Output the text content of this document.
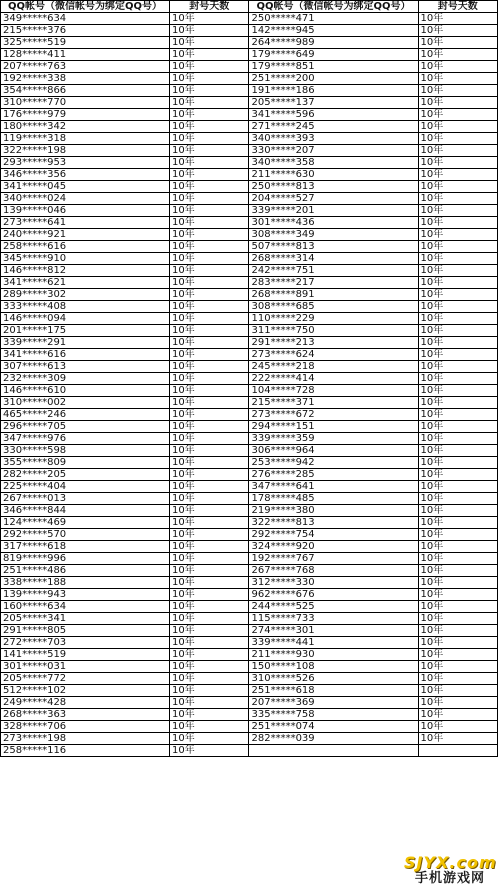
QQ帐号（微信帐号为绑定QQ号）	封号天数	QQ帐号（微信帐号为绑定QQ号）	封号天数
349*****634	10年	250*****471	10年
215*****376	10年	142*****945	10年
325*****519	10年	264*****989	10年
128*****411	10年	179*****649	10年
207*****763	10年	179*****851	10年
192*****338	10年	251*****200	10年
354*****866	10年	191*****186	10年
310*****770	10年	205*****137	10年
176*****979	10年	341*****596	10年
180*****342	10年	271*****245	10年
119*****318	10年	340*****393	10年
322*****198	10年	330*****207	10年
293*****953	10年	340*****358	10年
346*****356	10年	211*****630	10年
341*****045	10年	250*****813	10年
340*****024	10年	204*****527	10年
139*****046	10年	339*****201	10年
273*****641	10年	301*****436	10年
240*****921	10年	308*****349	10年
258*****616	10年	507*****813	10年
345*****910	10年	268*****314	10年
146*****812	10年	242*****751	10年
341*****621	10年	283*****217	10年
289*****302	10年	268*****891	10年
333*****408	10年	308*****685	10年
146*****094	10年	110*****229	10年
201*****175	10年	311*****750	10年
339*****291	10年	291*****213	10年
341*****616	10年	273*****624	10年
307*****613	10年	245*****218	10年
232*****309	10年	222*****414	10年
146*****610	10年	104*****728	10年
310*****002	10年	215*****371	10年
465*****246	10年	273*****672	10年
296*****705	10年	294*****151	10年
347*****976	10年	339*****359	10年
330*****598	10年	306*****964	10年
355*****809	10年	253*****942	10年
282*****205	10年	276*****285	10年
225*****404	10年	347*****641	10年
267*****013	10年	178*****485	10年
346*****844	10年	219*****380	10年
124*****469	10年	322*****813	10年
292*****570	10年	292*****754	10年
317*****618	10年	324*****920	10年
819*****996	10年	192*****767	10年
251*****486	10年	267*****768	10年
338*****188	10年	312*****330	10年
139*****943	10年	962*****676	10年
160*****634	10年	244*****525	10年
205*****341	10年	115*****733	10年
291*****805	10年	274*****301	10年
272*****703	10年	339*****441	10年
141*****519	10年	211*****930	10年
301*****031	10年	150*****108	10年
205*****772	10年	310*****526	10年
512*****102	10年	251*****618	10年
249*****428	10年	207*****369	10年
268*****363	10年	335*****758	10年
328*****706	10年	251*****074	10年
273*****198	10年	282*****039	10年
258*****116	10年		
SJYX.com
手机游戏网
